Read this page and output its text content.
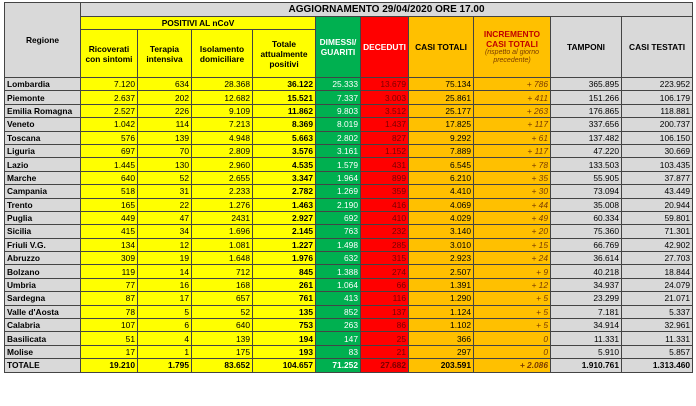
Regione	AGGIORNAMENTO 29/04/2020 ORE 17.00									
	POSITIVI AL nCoV				DIMESSI/ GUARITI	DECEDUTI	CASI TOTALI	INCREMENTO CASI TOTALI
(rispetto al giorno precedente)	TAMPONI	CASI TESTATI
	Ricoverati con sintomi	Terapia intensiva	Isolamento domiciliare	Totale attualmente positivi						
Lombardia	7.120	634	28.368	36.122	25.333	13.679	75.134	+ 786	365.895	223.952
Piemonte	2.637	202	12.682	15.521	7.337	3.003	25.861	+ 411	151.266	106.179
Emilia Romagna	2.527	226	9.109	11.862	9.803	3.512	25.177	+ 263	176.865	118.881
Veneto	1.042	114	7.213	8.369	8.019	1.437	17.825	+ 117	337.656	200.737
Toscana	576	139	4.948	5.663	2.802	827	9.292	+ 61	137.482	106.150
Liguria	697	70	2.809	3.576	3.161	1.152	7.889	+ 117	47.220	30.669
Lazio	1.445	130	2.960	4.535	1.579	431	6.545	+ 78	133.503	103.435
Marche	640	52	2.655	3.347	1.964	899	6.210	+ 35	55.905	37.877
Campania	518	31	2.233	2.782	1.269	359	4.410	+ 30	73.094	43.449
Trento	165	22	1.276	1.463	2.190	416	4.069	+ 44	35.008	20.944
Puglia	449	47	2431	2.927	692	410	4.029	+ 49	60.334	59.801
Sicilia	415	34	1.696	2.145	763	232	3.140	+ 20	75.360	71.301
Friuli V.G.	134	12	1.081	1.227	1.498	285	3.010	+ 15	66.769	42.902
Abruzzo	309	19	1.648	1.976	632	315	2.923	+ 24	36.614	27.703
Bolzano	119	14	712	845	1.388	274	2.507	+ 9	40.218	18.844
Umbria	77	16	168	261	1.064	66	1.391	+ 12	34.937	24.079
Sardegna	87	17	657	761	413	116	1.290	+ 5	23.299	21.071
Valle d'Aosta	78	5	52	135	852	137	1.124	+ 5	7.181	5.337
Calabria	107	6	640	753	263	86	1.102	+ 5	34.914	32.961
Basilicata	51	4	139	194	147	25	366	0	11.331	11.331
Molise	17	1	175	193	83	21	297	0	5.910	5.857
TOTALE	19.210	1.795	83.652	104.657	71.252	27.682	203.591	+ 2.086	1.910.761	1.313.460
